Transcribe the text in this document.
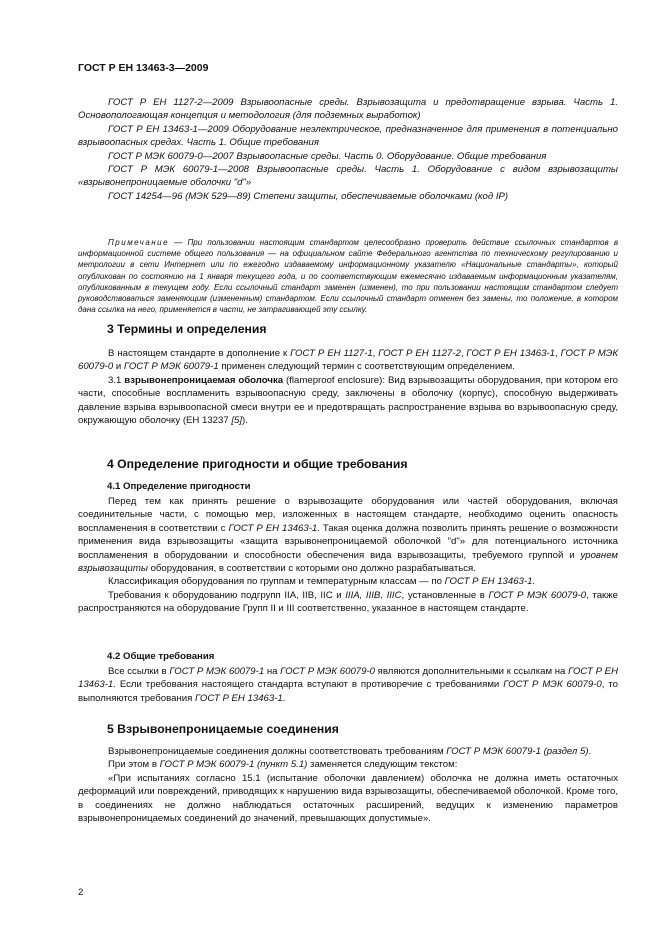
ГОСТ Р ЕН 13463-3—2009

ГОСТ Р ЕН 1127-2—2009 Взрывоопасные среды. Взрывозащита и предотвращение взрыва. Часть 1. Основопологающая концепция и методология (для подземных выработок)

ГОСТ Р ЕН 13463-1—2009 Оборудование неэлектрическое, предназначенное для применения в потенциально взрывоопасных средах. Часть 1. Общие требования

ГОСТ Р МЭК 60079-0—2007 Взрывоопасные среды. Часть 0. Оборудование. Общие требования

ГОСТ Р МЭК 60079-1—2008 Взрывоопасные среды. Часть 1. Оборудование с видом взрывозащиты «взрывонепроницаемые оболочки "d"»

ГОСТ 14254—96 (МЭК 529—89) Степени защиты, обеспечиваемые оболочками (код IP)

Примечание — При пользовании настоящим стандартом целесообразно проверить действие ссылочных стандартов в информационной системе общего пользования — на официальном сайте Федерального агентства по техническому регулированию и метрологии в сети Интернет или по ежегодно издаваемому информационному указателю «Национальные стандарты», который опубликован по состоянию на 1 января текущего года, и по соответствующим ежемесячно издаваемым информационным указателям, опубликованным в текущем году. Если ссылочный стандарт заменен (изменен), то при пользовании настоящим стандартом следует руководствоваться заменяющим (измененным) стандартом. Если ссылочный стандарт отменен без замены, то положение, в котором дана ссылка на него, применяется в части, не затрагивающей эту ссылку.
3 Термины и определения

В настоящем стандарте в дополнение к ГОСТ Р ЕН 1127-1, ГОСТ Р ЕН 1127-2, ГОСТ Р ЕН 13463-1, ГОСТ Р МЭК 60079-0 и ГОСТ Р МЭК 60079-1 применен следующий термин с соответствующим определением.

3.1 взрывонепроницаемая оболочка (flameproof enclosure): Вид взрывозащиты оборудования, при котором его части, способные воспламенить взрывоопасную среду, заключены в оболочку (корпус), способную выдерживать давление взрыва взрывоопасной смеси внутри ее и предотвращать распространение взрыва во взрывоопасную среду, окружающую оболочку (ЕН 13237 [5]).

4 Определение пригодности и общие требования
4.1 Определение пригодности

Перед тем как принять решение о взрывозащите оборудования или частей оборудования, включая соединительные части, с помощью мер, изложенных в настоящем стандарте, необходимо оценить опасность воспламенения в соответствии с ГОСТ Р ЕН 13463-1. Такая оценка должна позволить принять решение о возможности применения вида взрывозащиты «защита взрывонепроницаемой оболочкой "d"» для потенциального источника воспламенения в оборудовании и способности обеспечения вида взрывозащиты, требуемого группой и уровнем взрывозащиты оборудования, в соответствии с которыми оно должно разрабатываться.

Классификация оборудования по группам и температурным классам — по ГОСТ Р ЕН 13463-1.

Требования к оборудованию подгрупп IIA, IIB, IIC и IIIA, IIIB, IIIC, установленные в ГОСТ Р МЭК 60079-0, также распространяются на оборудование Групп II и III соответственно, указанное в настоящем стандарте.

4.2 Общие требования

Все ссылки в ГОСТ Р МЭК 60079-1 на ГОСТ Р МЭК 60079-0 являются дополнительными к ссылкам на ГОСТ Р ЕН 13463-1. Если требования настоящего стандарта вступают в противоречие с требованиями ГОСТ Р МЭК 60079-0, то выполняются требования ГОСТ Р ЕН 13463-1.

5 Взрывонепроницаемые соединения

Взрывонепроницаемые соединения должны соответствовать требованиям ГОСТ Р МЭК 60079-1 (раздел 5).

При этом в ГОСТ Р МЭК 60079-1 (пункт 5.1) заменяется следующим текстом:

«При испытаниях согласно 15.1 (испытание оболочки давлением) оболочка не должна иметь остаточных деформаций или повреждений, приводящих к нарушению вида взрывозащиты, обеспечиваемой оболочкой. Кроме того, в соединениях не должно наблюдаться остаточных расширений, ведущих к изменению параметров взрывонепроницаемых соединений до значений, превышающих допустимые».

2
